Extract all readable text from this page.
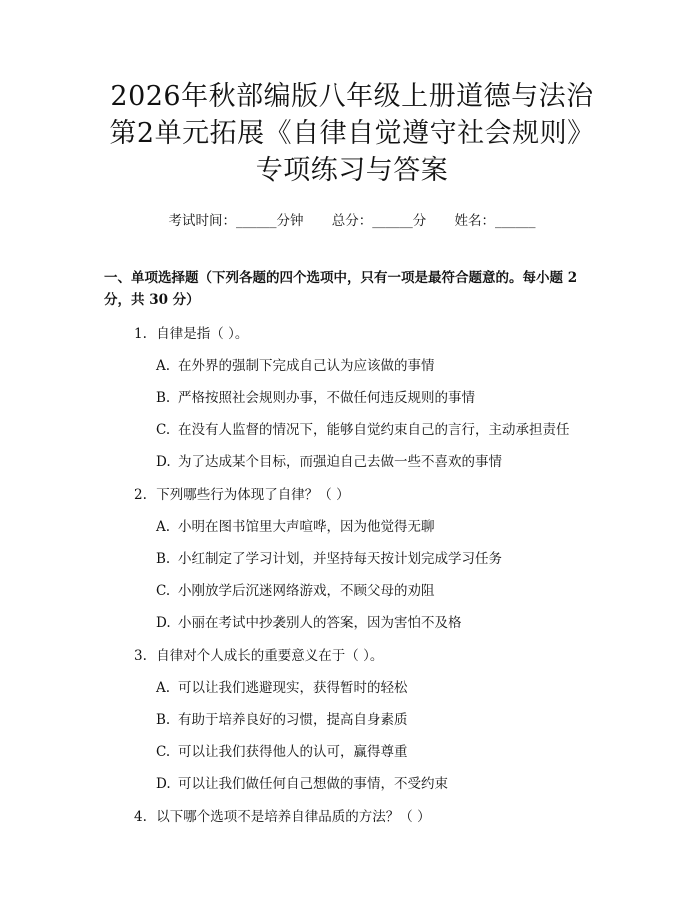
2026年秋部编版八年级上册道德与法治第2单元拓展《自律自觉遵守社会规则》专项练习与答案
考试时间：______分钟 总分：______分 姓名：______
一、单项选择题（下列各题的四个选项中，只有一项是最符合题意的。每小题 2 分，共 30 分）
1. 自律是指（ ）。
A. 在外界的强制下完成自己认为应该做的事情
B. 严格按照社会规则办事，不做任何违反规则的事情
C. 在没有人监督的情况下，能够自觉约束自己的言行，主动承担责任
D. 为了达成某个目标，而强迫自己去做一些不喜欢的事情
2. 下列哪些行为体现了自律？（ ）
A. 小明在图书馆里大声喧哗，因为他觉得无聊
B. 小红制定了学习计划，并坚持每天按计划完成学习任务
C. 小刚放学后沉迷网络游戏，不顾父母的劝阻
D. 小丽在考试中抄袭别人的答案，因为害怕不及格
3. 自律对个人成长的重要意义在于（ ）。
A. 可以让我们逃避现实，获得暂时的轻松
B. 有助于培养良好的习惯，提高自身素质
C. 可以让我们获得他人的认可，赢得尊重
D. 可以让我们做任何自己想做的事情，不受约束
4. 以下哪个选项不是培养自律品质的方法？（ ）
